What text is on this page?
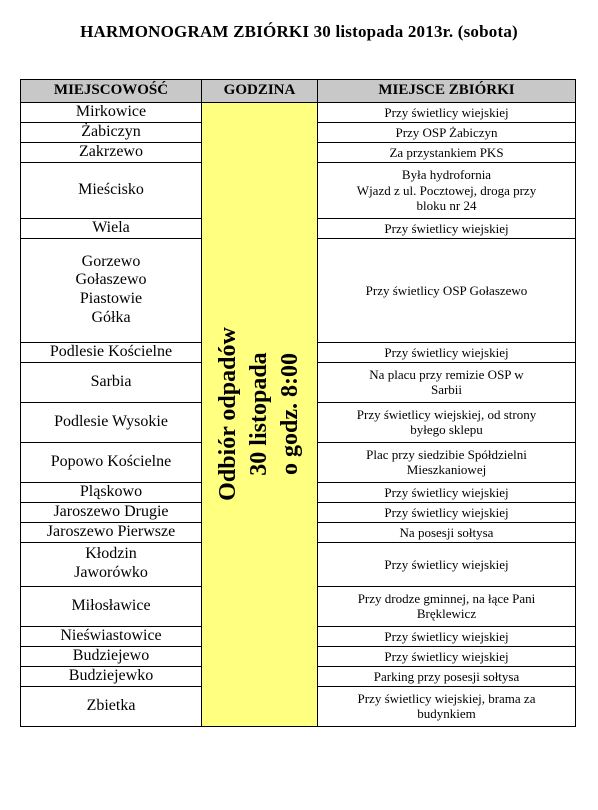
HARMONOGRAM ZBIÓRKI 30 listopada 2013r. (sobota)
MIEJSCOWOŚĆ	GODZINA	MIEJSCE ZBIÓRKI

Mirkowice	Odbiór odpadów 30 listopada o godz. 8:00	Przy świetlicy wiejskiej

Żabiczyn		Przy OSP Żabiczyn

Zakrzewo		Za przystankiem PKS

Mieścisko		Była hydrofornia
Wjazd z ul. Pocztowej, droga przy
bloku nr 24

Wiela		Przy świetlicy wiejskiej

Gorzewo
Gołaszewo
Piastowie
Gółka		Przy świetlicy OSP Gołaszewo

Podlesie Kościelne		Przy świetlicy wiejskiej

Sarbia		Na placu przy remizie OSP w
Sarbii

Podlesie Wysokie		Przy świetlicy wiejskiej, od strony
byłego sklepu

Popowo Kościelne		Plac przy siedzibie Spółdzielni
Mieszkaniowej

Pląskowo		Przy świetlicy wiejskiej

Jaroszewo Drugie		Przy świetlicy wiejskiej

Jaroszewo Pierwsze		Na posesji sołtysa

Kłodzin
Jaworówko		Przy świetlicy wiejskiej

Miłosławice		Przy drodze gminnej, na łące Pani
Bręklewicz

Nieświastowice		Przy świetlicy wiejskiej

Budziejewo		Przy świetlicy wiejskiej

Budziejewko		Parking przy posesji sołtysa

Zbietka		Przy świetlicy wiejskiej, brama za
budynkiem
